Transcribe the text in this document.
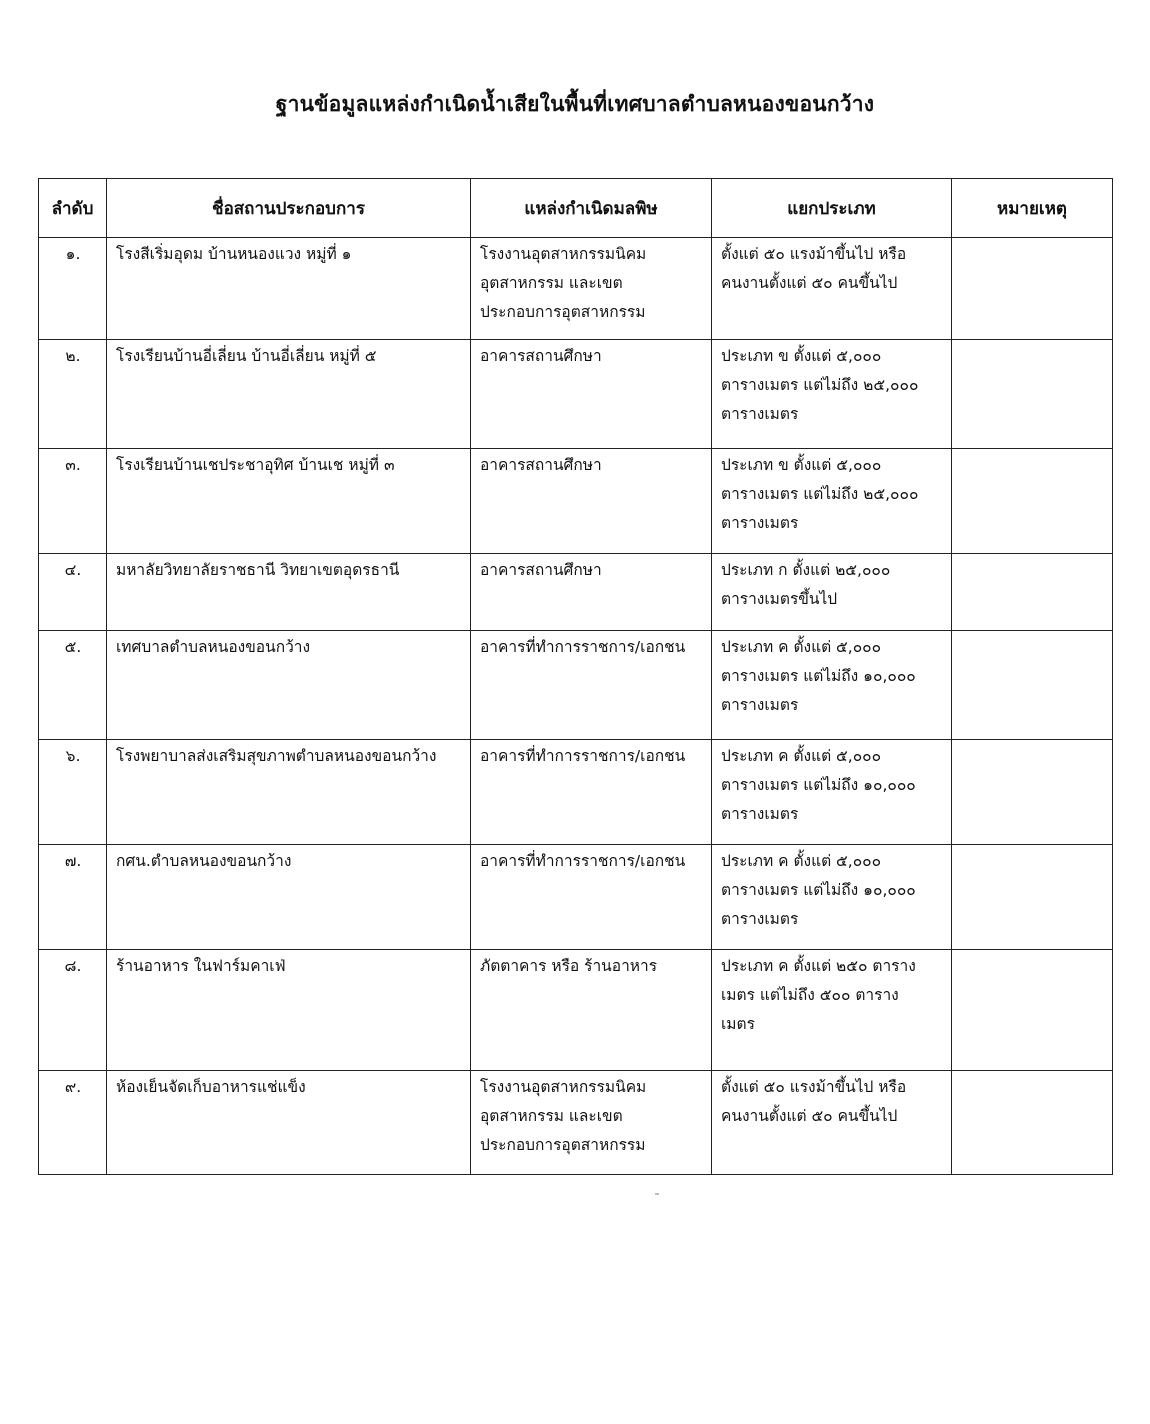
ฐานข้อมูลแหล่งกำเนิดน้ำเสียในพื้นที่เทศบาลตำบลหนองขอนกว้าง
ลำดับ	ชื่อสถานประกอบการ	แหล่งกำเนิดมลพิษ	แยกประเภท	หมายเหตุ

๑.	โรงสีเริ่มอุดม บ้านหนองแวง หมู่ที่ ๑	โรงงานอุตสาหกรรมนิคม
อุตสาหกรรม และเขต
ประกอบการอุตสาหกรรม	ตั้งแต่ ๕๐ แรงม้าขึ้นไป หรือ
คนงานตั้งแต่ ๕๐ คนขึ้นไป	

๒.	โรงเรียนบ้านอี่เลี่ยน บ้านอี่เลี่ยน หมู่ที่ ๕	อาคารสถานศึกษา	ประเภท ข ตั้งแต่ ๕,๐๐๐
ตารางเมตร แต่ไม่ถึง ๒๕,๐๐๐
ตารางเมตร	

๓.	โรงเรียนบ้านเชประชาอุทิศ บ้านเช หมู่ที่ ๓	อาคารสถานศึกษา	ประเภท ข ตั้งแต่ ๕,๐๐๐
ตารางเมตร แต่ไม่ถึง ๒๕,๐๐๐
ตารางเมตร	

๔.	มหาลัยวิทยาลัยราชธานี วิทยาเขตอุดรธานี	อาคารสถานศึกษา	ประเภท ก ตั้งแต่ ๒๕,๐๐๐
ตารางเมตรขึ้นไป	

๕.	เทศบาลตำบลหนองขอนกว้าง	อาคารที่ทำการราชการ/เอกชน	ประเภท ค ตั้งแต่ ๕,๐๐๐
ตารางเมตร แต่ไม่ถึง ๑๐,๐๐๐
ตารางเมตร	

๖.	โรงพยาบาลส่งเสริมสุขภาพตำบลหนองขอนกว้าง	อาคารที่ทำการราชการ/เอกชน	ประเภท ค ตั้งแต่ ๕,๐๐๐
ตารางเมตร แต่ไม่ถึง ๑๐,๐๐๐
ตารางเมตร	

๗.	กศน.ตำบลหนองขอนกว้าง	อาคารที่ทำการราชการ/เอกชน	ประเภท ค ตั้งแต่ ๕,๐๐๐
ตารางเมตร แต่ไม่ถึง ๑๐,๐๐๐
ตารางเมตร	

๘.	ร้านอาหาร ในฟาร์มคาเฟ่	ภัตตาคาร หรือ ร้านอาหาร	ประเภท ค ตั้งแต่ ๒๕๐ ตาราง
เมตร แต่ไม่ถึง ๕๐๐ ตาราง
เมตร	

๙.	ห้องเย็นจัดเก็บอาหารแช่แข็ง	โรงงานอุตสาหกรรมนิคม
อุตสาหกรรม และเขต
ประกอบการอุตสาหกรรม	ตั้งแต่ ๕๐ แรงม้าขึ้นไป หรือ
คนงานตั้งแต่ ๕๐ คนขึ้นไป	
